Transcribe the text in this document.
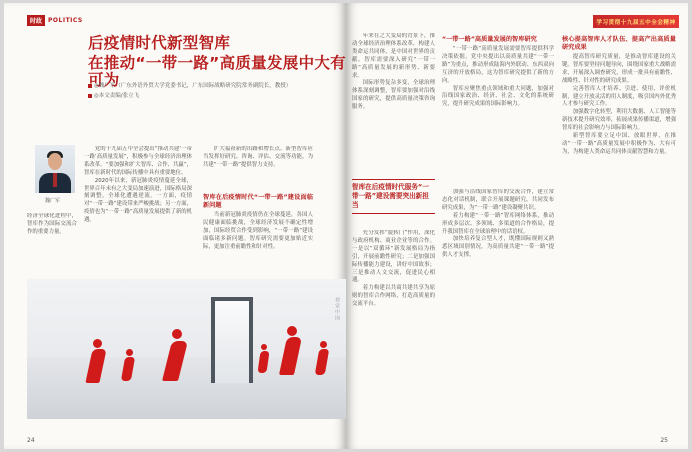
时政	POLITICS
后疫情时代新型智库
在推动“一带一路”高质量发展中大有可为
◎魏广军（广东外语外贸大学党委书记，广东国际战略研究院常务副院长，教授）
◎本文责编/张立飞
魏广军
经济全球化进程中，智库作为国际交流合作的重要力量。

党的十九届五中全会提出“推动共建‘一带一路’高质量发展”，积极参与全球经济治理体系改革。“要加强和扩大智库、合作、共赢”，智库在新时代的国际传播中具有重要地位。

2020年以来，新冠肺炎疫情蔓延全球，世界百年未有之大变局加速演进，国际格局深刻调整，全球化遭遇逆流。一方面，疫情对“一带一路”建设带来严峻挑战；另一方面，疫情也为“一带一路”高质量发展提供了新的机遇。

扩大福祉新的出路和增长点。新型智库应当发挥好研究、咨询、评估、交流等功能，为共建“一带一路”提供智力支持。

智库在后疫情时代“一带一路”建设面临新问题

当前新冠肺炎疫情仍在全球蔓延，各国人民健康面临挑战，全球经济发展不确定性增加，国际经贸合作受到影响，“一带一路”建设面临诸多新问题。智库研究需要更加贴近实际，更加注重前瞻性和针对性。

视觉中国
24
学习贯彻十九届五中全会精神

年来在之大变局的背景下，推动全球经济治理体系改革，构建人类命运共同体，是中国对世界的贡献。智库需要深入研究“一带一路”高质量发展的新形势、新要求。

国际形势复杂多变，全球治理体系深刻调整，智库要加强对沿线国家的研究，提供高质量决策咨询服务。

智库在后疫情时代服务“一带一路”建设需要突出新担当

充分发挥“旋转门”作用，深化与政府机构、商业企业等的合作。一是以“双循环”新发展格局为指引，开展前瞻性研究；二是加强国际传播能力建设，讲好中国故事；三是推动人文交流，促进民心相通。

着力构建以共商共建共享为原则的智库合作网络，打造高质量的交流平台。

“一带一路”高质量发展的智库研究

“一带一路”高质量发展需要智库提供科学决策依据。党中央提出以高质量共建“一带一路”为重点，推动形成陆海内外联动、东西双向互济的开放格局，这为智库研究提供了新的方向。

智库应聚焦重点领域和重大问题，加强对沿线国家政治、经济、社会、文化的系统研究，提升研究成果的国际影响力。

加强与沿线国家智库的交流合作，建立常态化对话机制，联合开展课题研究，共同发布研究成果，为“一带一路”建设凝聚共识。

着力构建“一带一路”智库网络体系，推动形成多层次、多领域、多渠道的合作格局，提升我国智库在全球治理中的话语权。

加快培养复合型人才，既懂国际规则又熟悉区域国别情况，为高质量共建“一带一路”提供人才支撑。

核心提高智库人才队伍、提高产出高质量研究成果

提高智库研究质量，是推动智库建设的关键。智库要坚持问题导向，围绕国家重大战略需求，开展深入调查研究，形成一批具有前瞻性、战略性、针对性的研究成果。

完善智库人才培养、引进、使用、评价机制，建立开放灵活的用人制度，吸引国内外优秀人才参与研究工作。

加强数字化转型，利用大数据、人工智能等新技术提升研究效率，拓展成果传播渠道，增强智库的社会影响力与国际影响力。

新型智库要立足中国、放眼世界，在推动“一带一路”高质量发展中积极作为、大有可为，为构建人类命运共同体贡献智慧和力量。

25
